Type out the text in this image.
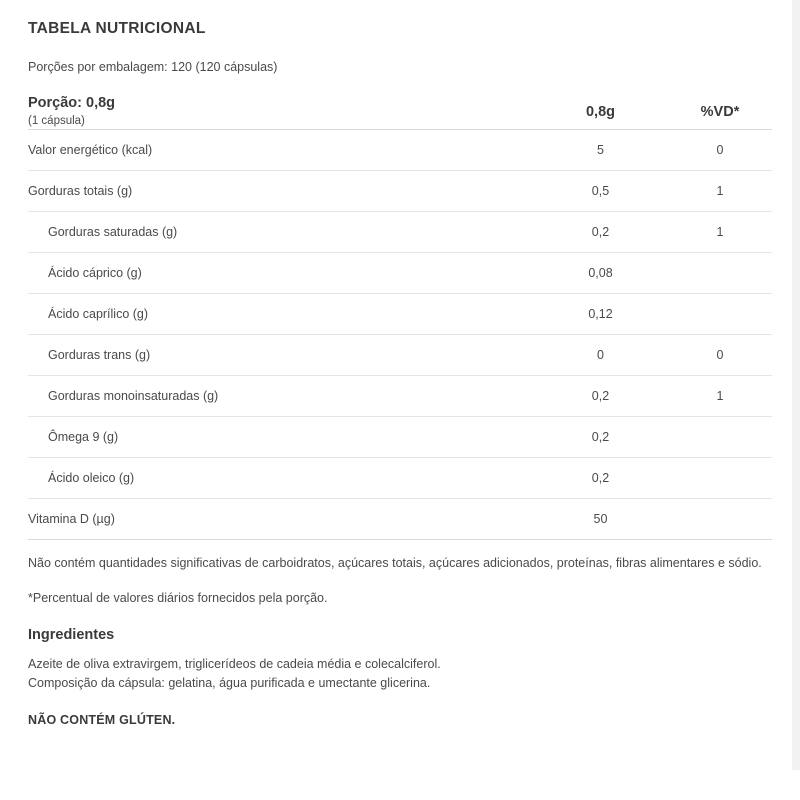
TABELA NUTRICIONAL
Porções por embalagem: 120 (120 cápsulas)
Porção: 0,8g
(1 cápsula)	0,8g	%VD*
Valor energético (kcal)	5	0
Gorduras totais (g)	0,5	1
Gorduras saturadas (g)	0,2	1
Ácido cáprico (g)	0,08	
Ácido caprílico (g)	0,12	
Gorduras trans (g)	0	0
Gorduras monoinsaturadas (g)	0,2	1
Ômega 9 (g)	0,2	
Ácido oleico (g)	0,2	
Vitamina D (µg)	50	
Não contém quantidades significativas de carboidratos, açúcares totais, açúcares adicionados, proteínas, fibras alimentares e sódio.
*Percentual de valores diários fornecidos pela porção.
Ingredientes
Azeite de oliva extravirgem, triglicerídeos de cadeia média e colecalciferol.
Composição da cápsula: gelatina, água purificada e umectante glicerina.
NÃO CONTÉM GLÚTEN.
